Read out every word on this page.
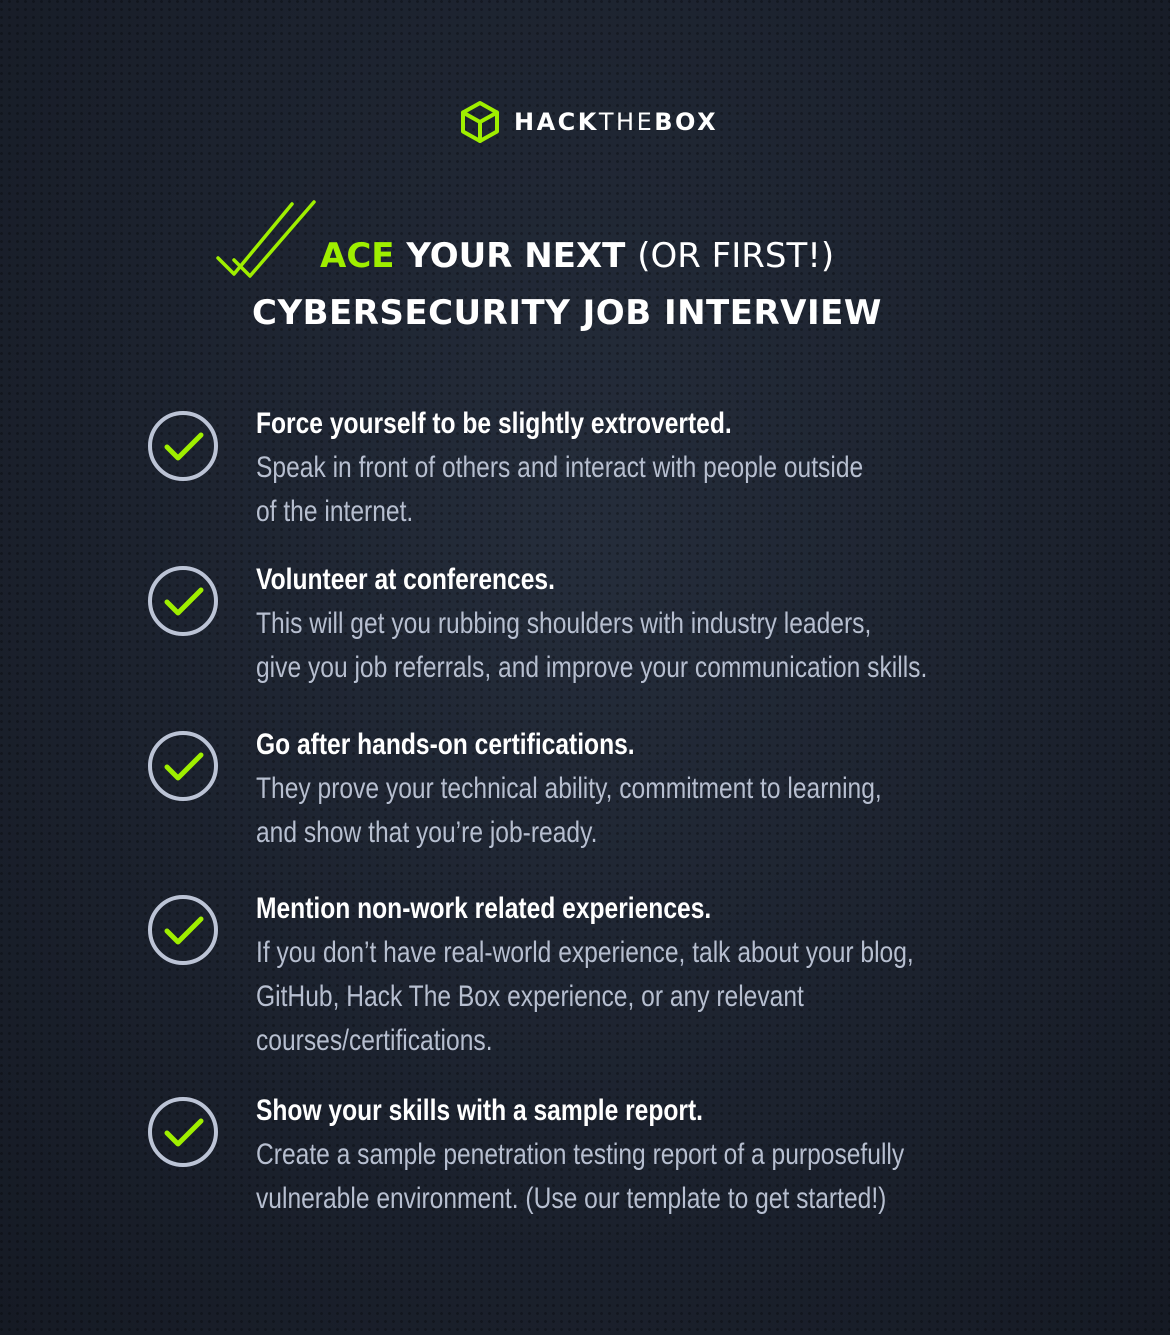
HACKTHEBOX
ACE YOUR NEXT (OR FIRST!)
CYBERSECURITY JOB INTERVIEW
Force yourself to be slightly extroverted.
Speak in front of others and interact with people outside
of the internet.
Volunteer at conferences.
This will get you rubbing shoulders with industry leaders,
give you job referrals, and improve your communication skills.
Go after hands-on certifications.
They prove your technical ability, commitment to learning,
and show that you’re job-ready.
Mention non-work related experiences.
If you don’t have real-world experience, talk about your blog,
GitHub, Hack The Box experience, or any relevant
courses/certifications.
Show your skills with a sample report.
Create a sample penetration testing report of a purposefully
vulnerable environment. (Use our template to get started!)
